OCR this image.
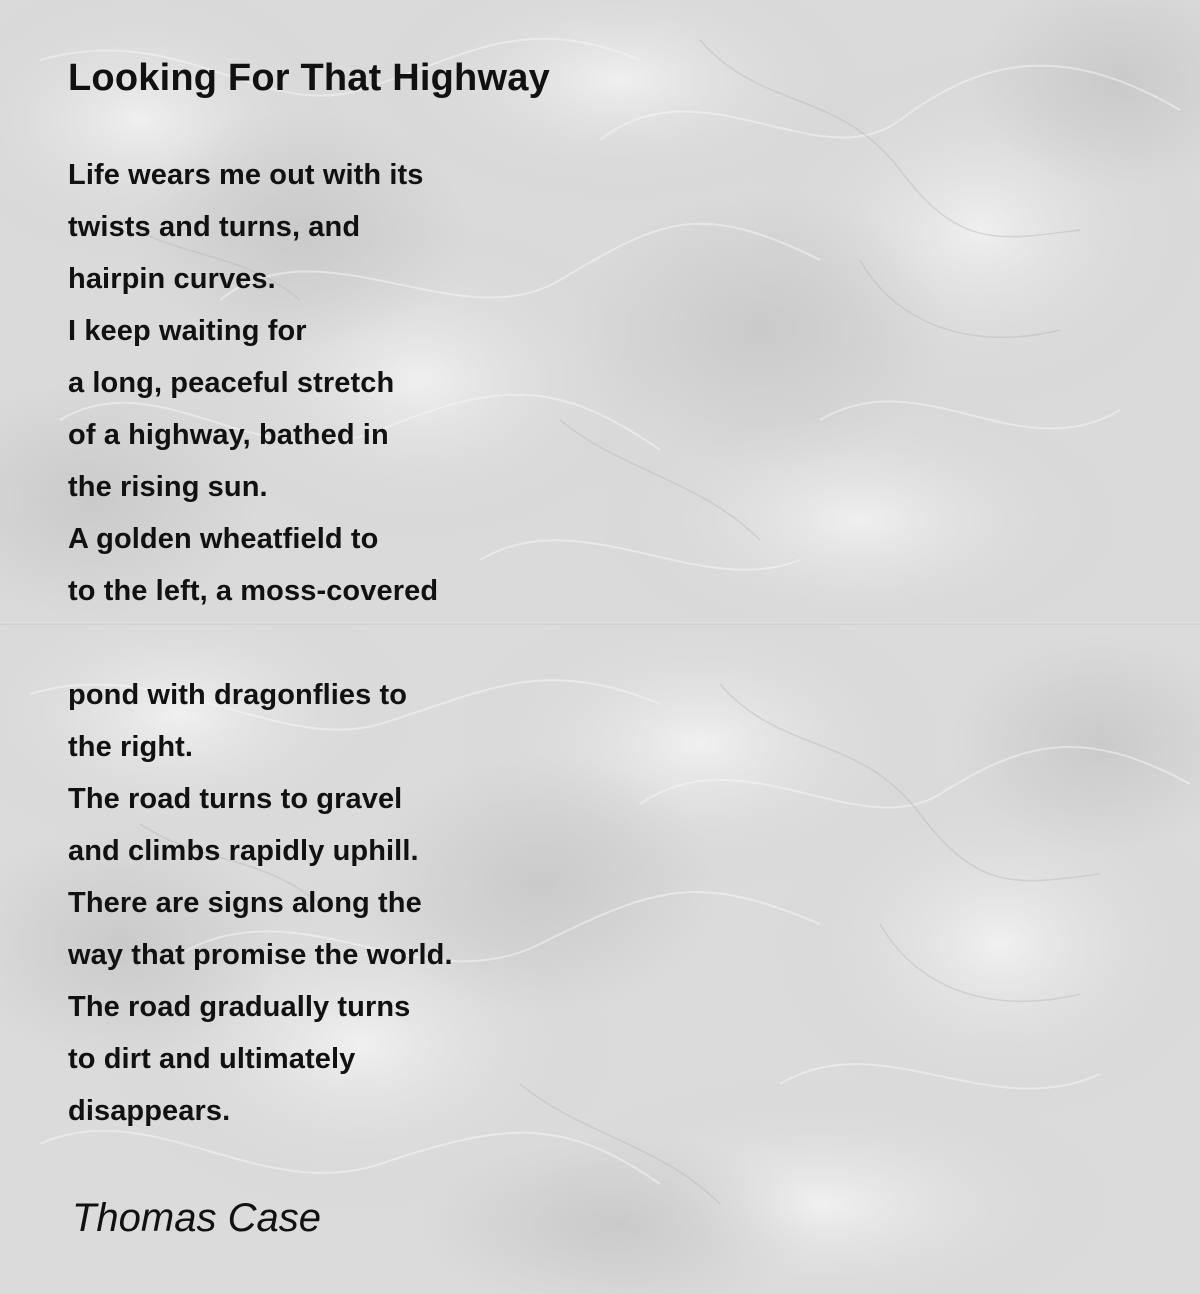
Looking For That Highway
Life wears me out with its
twists and turns, and
hairpin curves.
I keep waiting for
a long, peaceful stretch
of a highway, bathed in
the rising sun.
A golden wheatfield to
to the left, a moss-covered
pond with dragonflies to
the right.
The road turns to gravel
and climbs rapidly uphill.
There are signs along the
way that promise the world.
The road gradually turns
to dirt and ultimately
disappears.

Thomas Case
